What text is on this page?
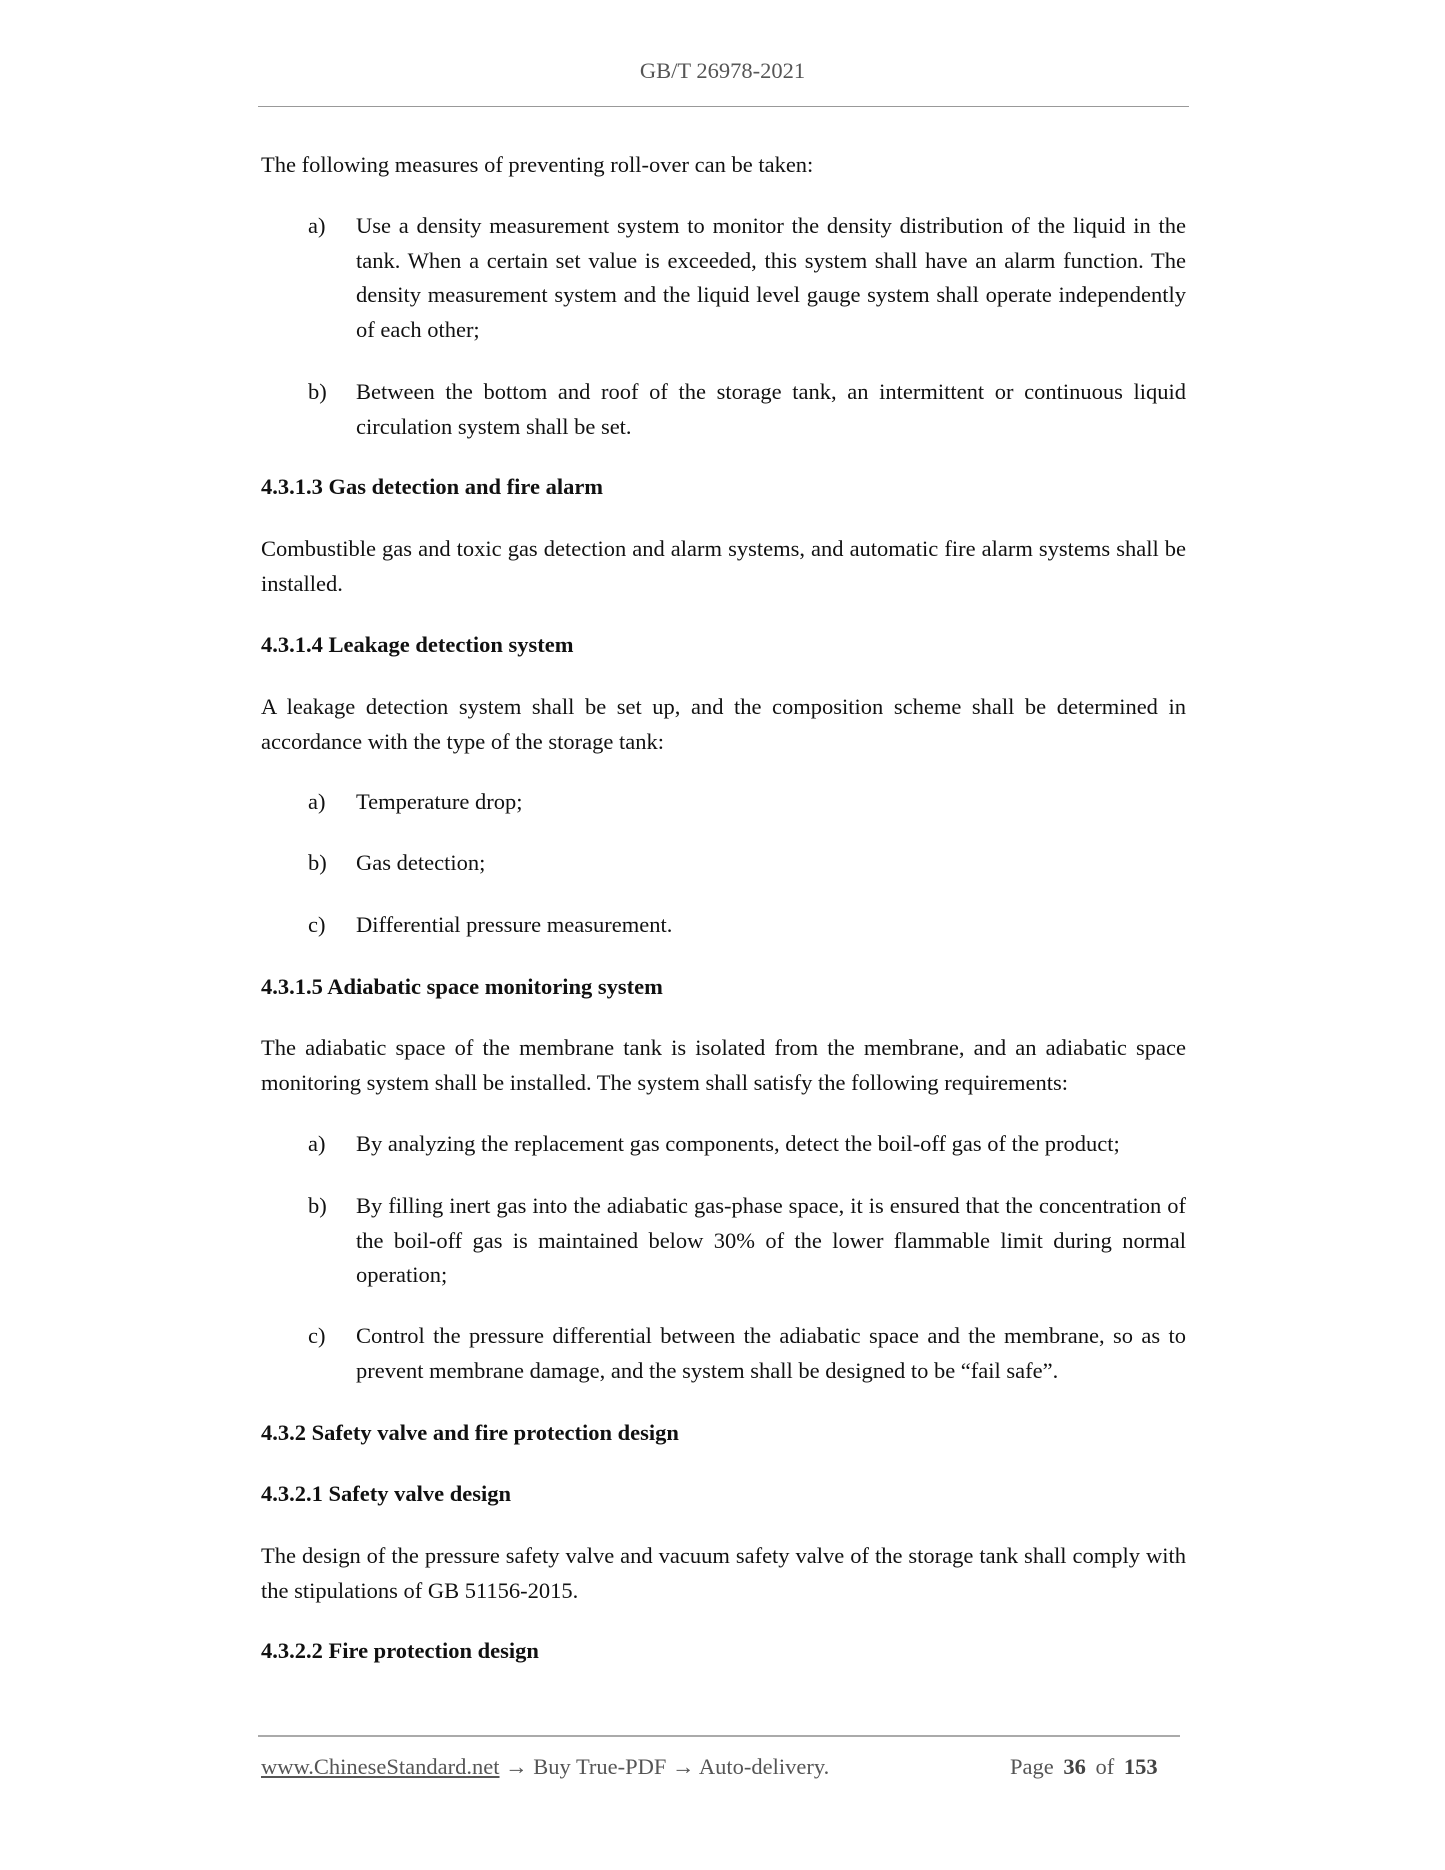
GB/T 26978-2021
The following measures of preventing roll-over can be taken:
a) Use a density measurement system to monitor the density distribution of the liquid in the tank. When a certain set value is exceeded, this system shall have an alarm function. The density measurement system and the liquid level gauge system shall operate independently of each other;
b) Between the bottom and roof of the storage tank, an intermittent or continuous liquid circulation system shall be set.
4.3.1.3 Gas detection and fire alarm
Combustible gas and toxic gas detection and alarm systems, and automatic fire alarm systems shall be installed.
4.3.1.4 Leakage detection system
A leakage detection system shall be set up, and the composition scheme shall be determined in accordance with the type of the storage tank:
a) Temperature drop;
b) Gas detection;
c) Differential pressure measurement.
4.3.1.5 Adiabatic space monitoring system
The adiabatic space of the membrane tank is isolated from the membrane, and an adiabatic space monitoring system shall be installed. The system shall satisfy the following requirements:
a) By analyzing the replacement gas components, detect the boil-off gas of the product;
b) By filling inert gas into the adiabatic gas-phase space, it is ensured that the concentration of the boil-off gas is maintained below 30% of the lower flammable limit during normal operation;
c) Control the pressure differential between the adiabatic space and the membrane, so as to prevent membrane damage, and the system shall be designed to be “fail safe”.
4.3.2 Safety valve and fire protection design
4.3.2.1 Safety valve design
The design of the pressure safety valve and vacuum safety valve of the storage tank shall comply with the stipulations of GB 51156-2015.
4.3.2.2 Fire protection design
www.ChineseStandard.net → Buy True-PDF → Auto-delivery.	Page 36 of 153
